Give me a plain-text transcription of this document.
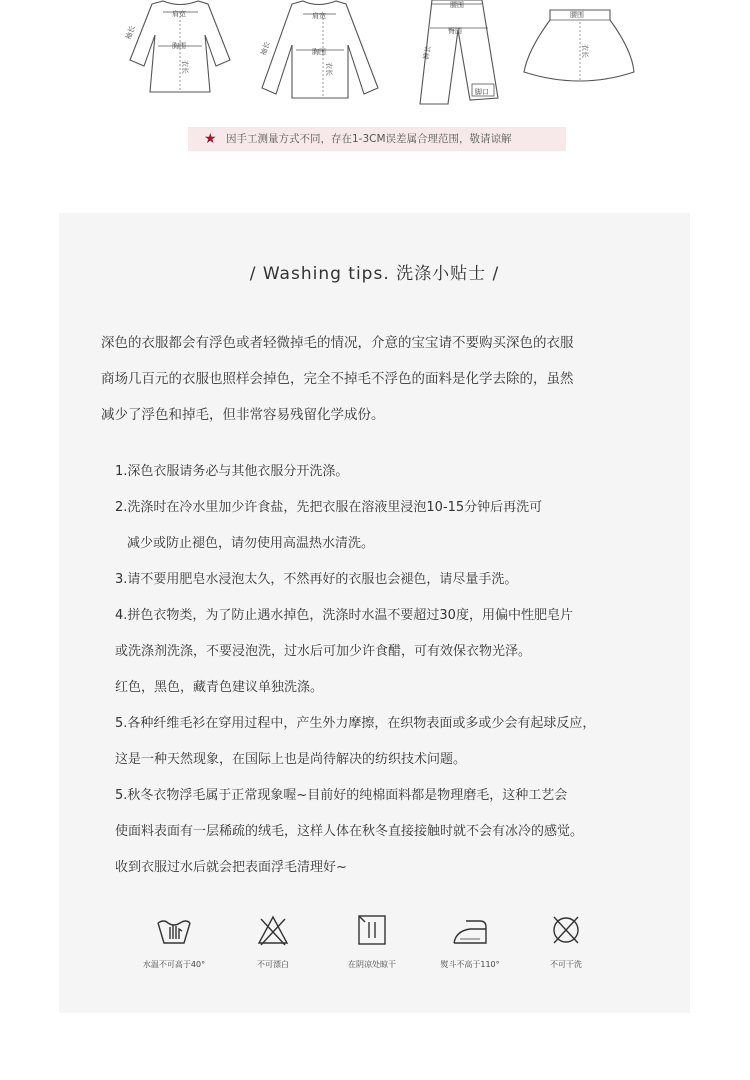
肩宽
胸围
衣长
袖长
肩宽
胸围
衣长
袖长
腰围
臀围
裤长
脚口
腰围
衣长
★ 因手工测量方式不同，存在1-3CM误差属合理范围，敬请谅解
/ Washing tips. 洗涤小贴士 /

深色的衣服都会有浮色或者轻微掉毛的情况，介意的宝宝请不要购买深色的衣服

商场几百元的衣服也照样会掉色，完全不掉毛不浮色的面料是化学去除的，虽然

减少了浮色和掉毛，但非常容易残留化学成份。

1.深色衣服请务必与其他衣服分开洗涤。

2.洗涤时在冷水里加少许食盐，先把衣服在溶液里浸泡10-15分钟后再洗可

减少或防止褪色，请勿使用高温热水清洗。

3.请不要用肥皂水浸泡太久，不然再好的衣服也会褪色，请尽量手洗。

4.拼色衣物类，为了防止遇水掉色，洗涤时水温不要超过30度，用偏中性肥皂片

或洗涤剂洗涤，不要浸泡洗，过水后可加少许食醋，可有效保衣物光泽。

红色，黑色，藏青色建议单独洗涤。

5.各种纤维毛衫在穿用过程中，产生外力摩擦，在织物表面或多或少会有起球反应，

这是一种天然现象，在国际上也是尚待解决的纺织技术问题。

5.秋冬衣物浮毛属于正常现象喔~目前好的纯棉面料都是物理磨毛，这种工艺会

使面料表面有一层稀疏的绒毛，这样人体在秋冬直接接触时就不会有冰冷的感觉。

收到衣服过水后就会把表面浮毛清理好~

水温不可高于40°	不可漂白	在阴凉处晾干	熨斗不高于110°	不可干洗
